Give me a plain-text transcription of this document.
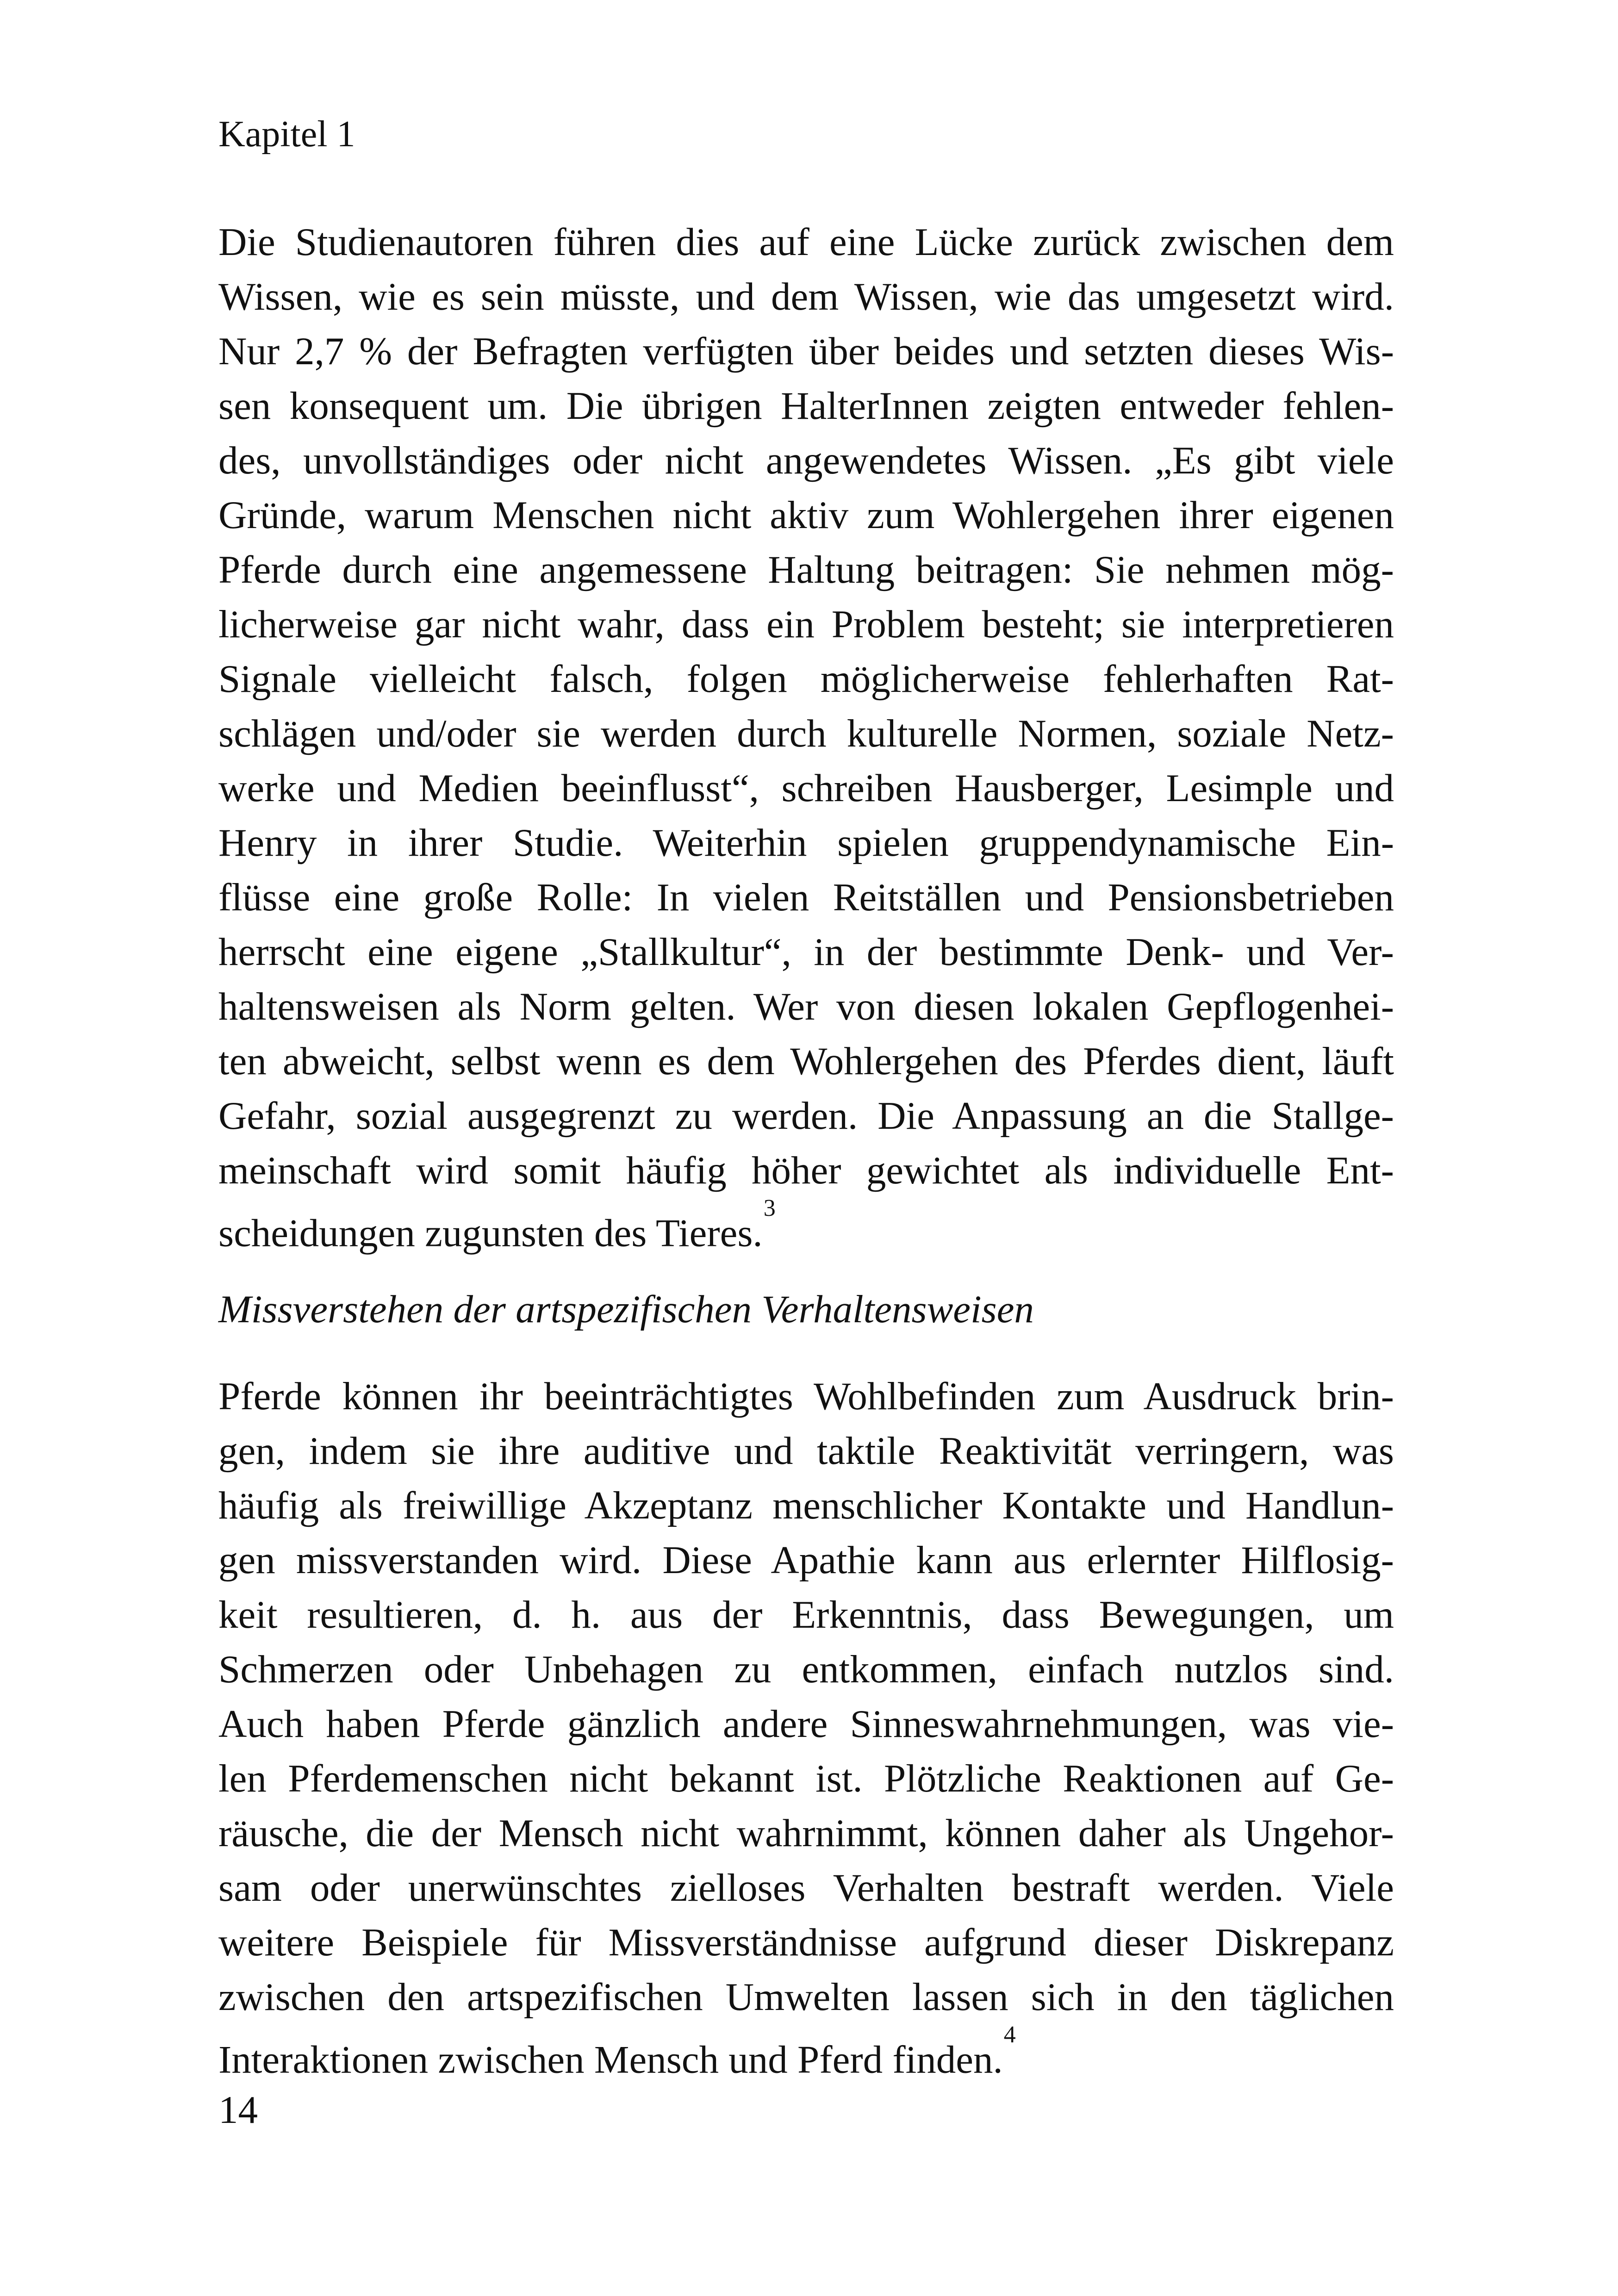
Kapitel 1

Die Studienautoren führen dies auf eine Lücke zurück zwischen dem
Wissen, wie es sein müsste, und dem Wissen, wie das umgesetzt wird.
Nur 2,7 % der Befragten verfügten über beides und setzten dieses Wis-
sen konsequent um. Die übrigen HalterInnen zeigten entweder fehlen-
des, unvollständiges oder nicht angewendetes Wissen. „Es gibt viele
Gründe, warum Menschen nicht aktiv zum Wohlergehen ihrer eigenen
Pferde durch eine angemessene Haltung beitragen: Sie nehmen mög-
licherweise gar nicht wahr, dass ein Problem besteht; sie interpretieren
Signale vielleicht falsch, folgen möglicherweise fehlerhaften Rat-
schlägen und/oder sie werden durch kulturelle Normen, soziale Netz-
werke und Medien beeinflusst“, schreiben Hausberger, Lesimple und
Henry in ihrer Studie. Weiterhin spielen gruppendynamische Ein-
flüsse eine große Rolle: In vielen Reitställen und Pensionsbetrieben
herrscht eine eigene „Stallkultur“, in der bestimmte Denk- und Ver-
haltensweisen als Norm gelten. Wer von diesen lokalen Gepflogenhei-
ten abweicht, selbst wenn es dem Wohlergehen des Pferdes dient, läuft
Gefahr, sozial ausgegrenzt zu werden. Die Anpassung an die Stallge-
meinschaft wird somit häufig höher gewichtet als individuelle Ent-
scheidungen zugunsten des Tieres.$^3$

Missverstehen der artspezifischen Verhaltensweisen

Pferde können ihr beeinträchtigtes Wohlbefinden zum Ausdruck brin-
gen, indem sie ihre auditive und taktile Reaktivität verringern, was
häufig als freiwillige Akzeptanz menschlicher Kontakte und Handlun-
gen missverstanden wird. Diese Apathie kann aus erlernter Hilflosig-
keit resultieren, d. h. aus der Erkenntnis, dass Bewegungen, um
Schmerzen oder Unbehagen zu entkommen, einfach nutzlos sind.
Auch haben Pferde gänzlich andere Sinneswahrnehmungen, was vie-
len Pferdemenschen nicht bekannt ist. Plötzliche Reaktionen auf Ge-
räusche, die der Mensch nicht wahrnimmt, können daher als Ungehor-
sam oder unerwünschtes zielloses Verhalten bestraft werden. Viele
weitere Beispiele für Missverständnisse aufgrund dieser Diskrepanz
zwischen den artspezifischen Umwelten lassen sich in den täglichen
Interaktionen zwischen Mensch und Pferd finden.$^4$

14
